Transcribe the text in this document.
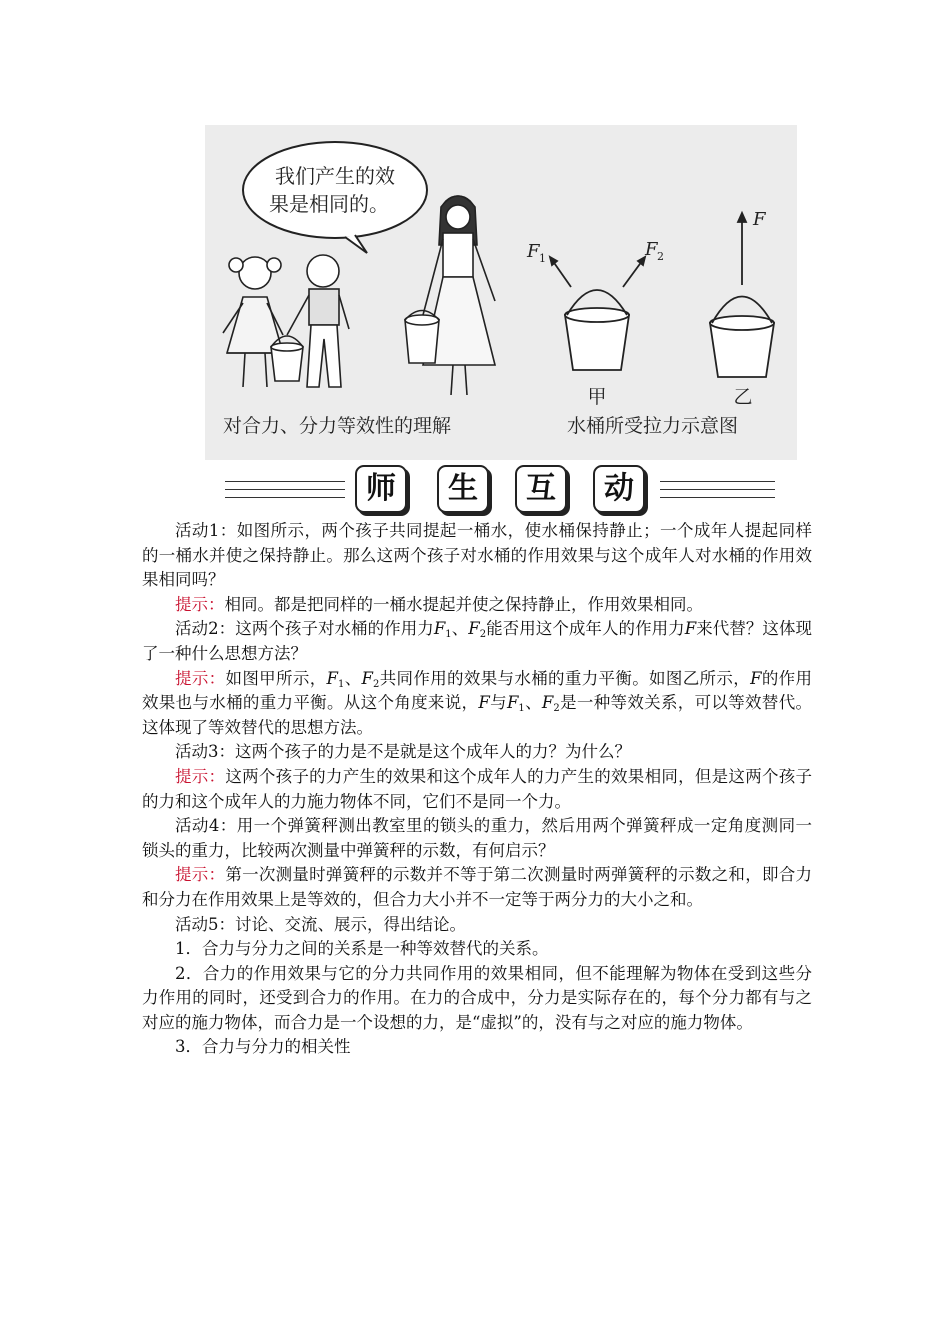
我们产生的效
果是相同的。
F 1	F 2
F
甲	乙
对合力、分力等效性的理解	水桶所受拉力示意图
师	生	互	动

活动1：如图所示，两个孩子共同提起一桶水，使水桶保持静止；一个成年人提起同样的一桶水并使之保持静止。那么这两个孩子对水桶的作用效果与这个成年人对水桶的作用效果相同吗？

提示：相同。都是把同样的一桶水提起并使之保持静止，作用效果相同。

活动2：这两个孩子对水桶的作用力$F_1$、$F_2$能否用这个成年人的作用力F来代替？这体现了一种什么思想方法？

提示：如图甲所示，$F_1$、$F_2$共同作用的效果与水桶的重力平衡。如图乙所示，F的作用效果也与水桶的重力平衡。从这个角度来说，F与$F_1$、$F_2$是一种等效关系，可以等效替代。这体现了等效替代的思想方法。

活动3：这两个孩子的力是不是就是这个成年人的力？为什么？

提示：这两个孩子的力产生的效果和这个成年人的力产生的效果相同，但是这两个孩子的力和这个成年人的力施力物体不同，它们不是同一个力。

活动4：用一个弹簧秤测出教室里的锁头的重力，然后用两个弹簧秤成一定角度测同一锁头的重力，比较两次测量中弹簧秤的示数，有何启示？

提示：第一次测量时弹簧秤的示数并不等于第二次测量时两弹簧秤的示数之和，即合力和分力在作用效果上是等效的，但合力大小并不一定等于两分力的大小之和。

活动5：讨论、交流、展示，得出结论。

1．合力与分力之间的关系是一种等效替代的关系。

2．合力的作用效果与它的分力共同作用的效果相同，但不能理解为物体在受到这些分力作用的同时，还受到合力的作用。在力的合成中，分力是实际存在的，每个分力都有与之对应的施力物体，而合力是一个设想的力，是“虚拟”的，没有与之对应的施力物体。

3．合力与分力的相关性
